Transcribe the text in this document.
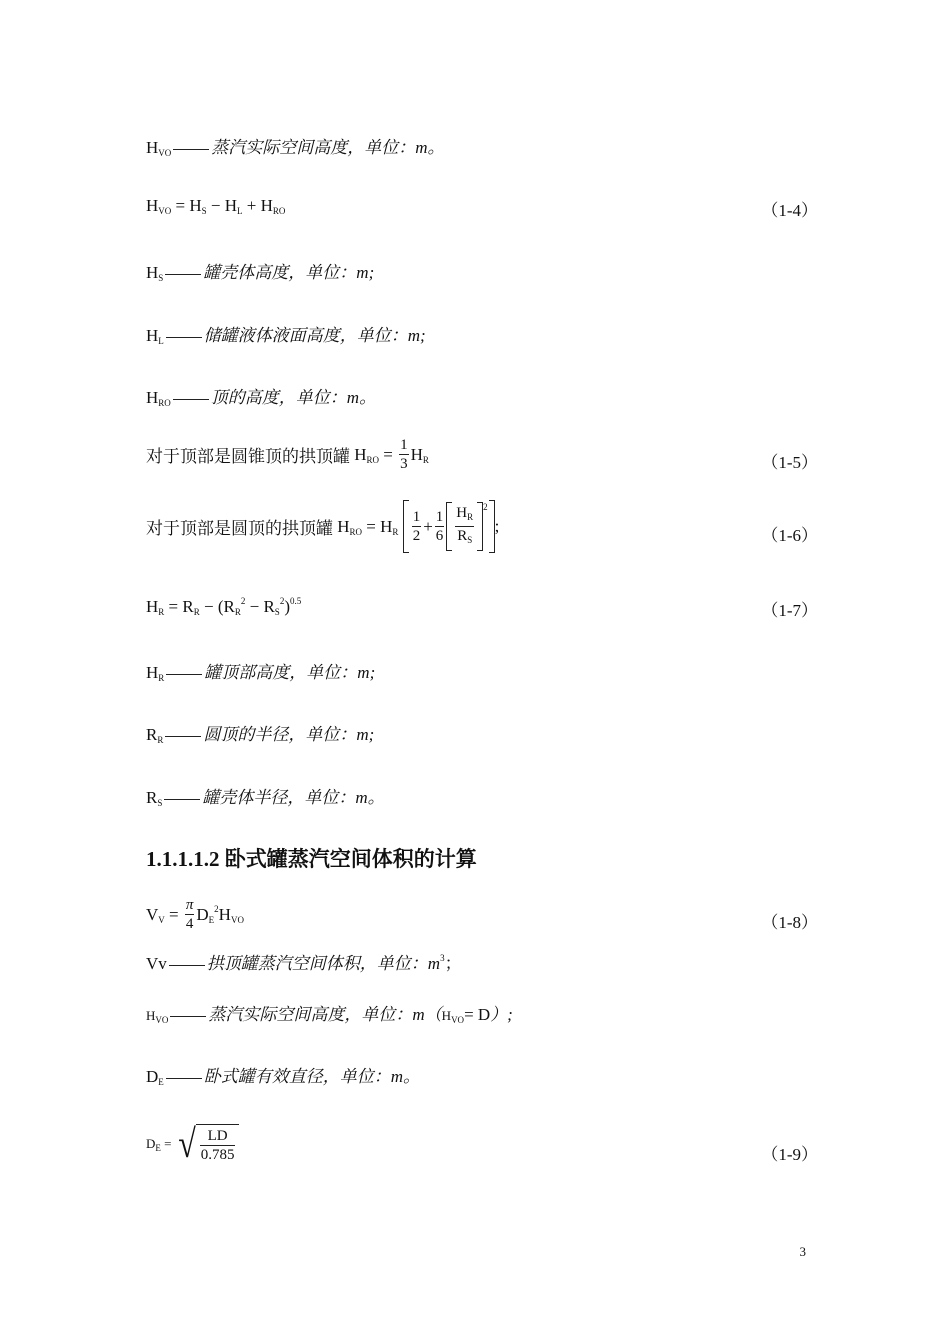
$H_{VO}$ 蒸汽实际空间高度，单位：m。
$H_{VO} = H_S - H_L + H_{RO}$	（1-4）
$H_S$ 罐壳体高度，单位：m;
$H_L$ 储罐液体液面高度，单位：m;
$H_{RO}$ 顶的高度，单位：m。
对于顶部是圆锥顶的拱顶罐 $H_{RO} = \frac{1}{3} H_R$	（1-5）
对于顶部是圆顶的拱顶罐 $H_{RO} = H_R \frac{1}{2} + \frac{1}{6} \frac{H_R}{R_S} 2$
;	（1-6）
$H_R = R_R - (R_R^2 - R_S^2)^{0.5}$	（1-7）
$H_R$ 罐顶部高度，单位：m;
$R_R$ 圆顶的半径，单位：m;
$R_S$ 罐壳体半径，单位：m。
1.1.1.1.2 卧式罐蒸汽空间体积的计算
$V_V = \frac{\pi}{4} D_E^2H_{VO}$	（1-8）
Vv 拱顶罐蒸汽空间体积，单位：$m^3$；
$H_{VO}$ 蒸汽实际空间高度，单位：$m(H_{VO}= D)$;
$D_E$ 卧式罐有效直径，单位：m。
$D_E$ = √ $\frac{LD}{0.785}$	（1-9）
3
